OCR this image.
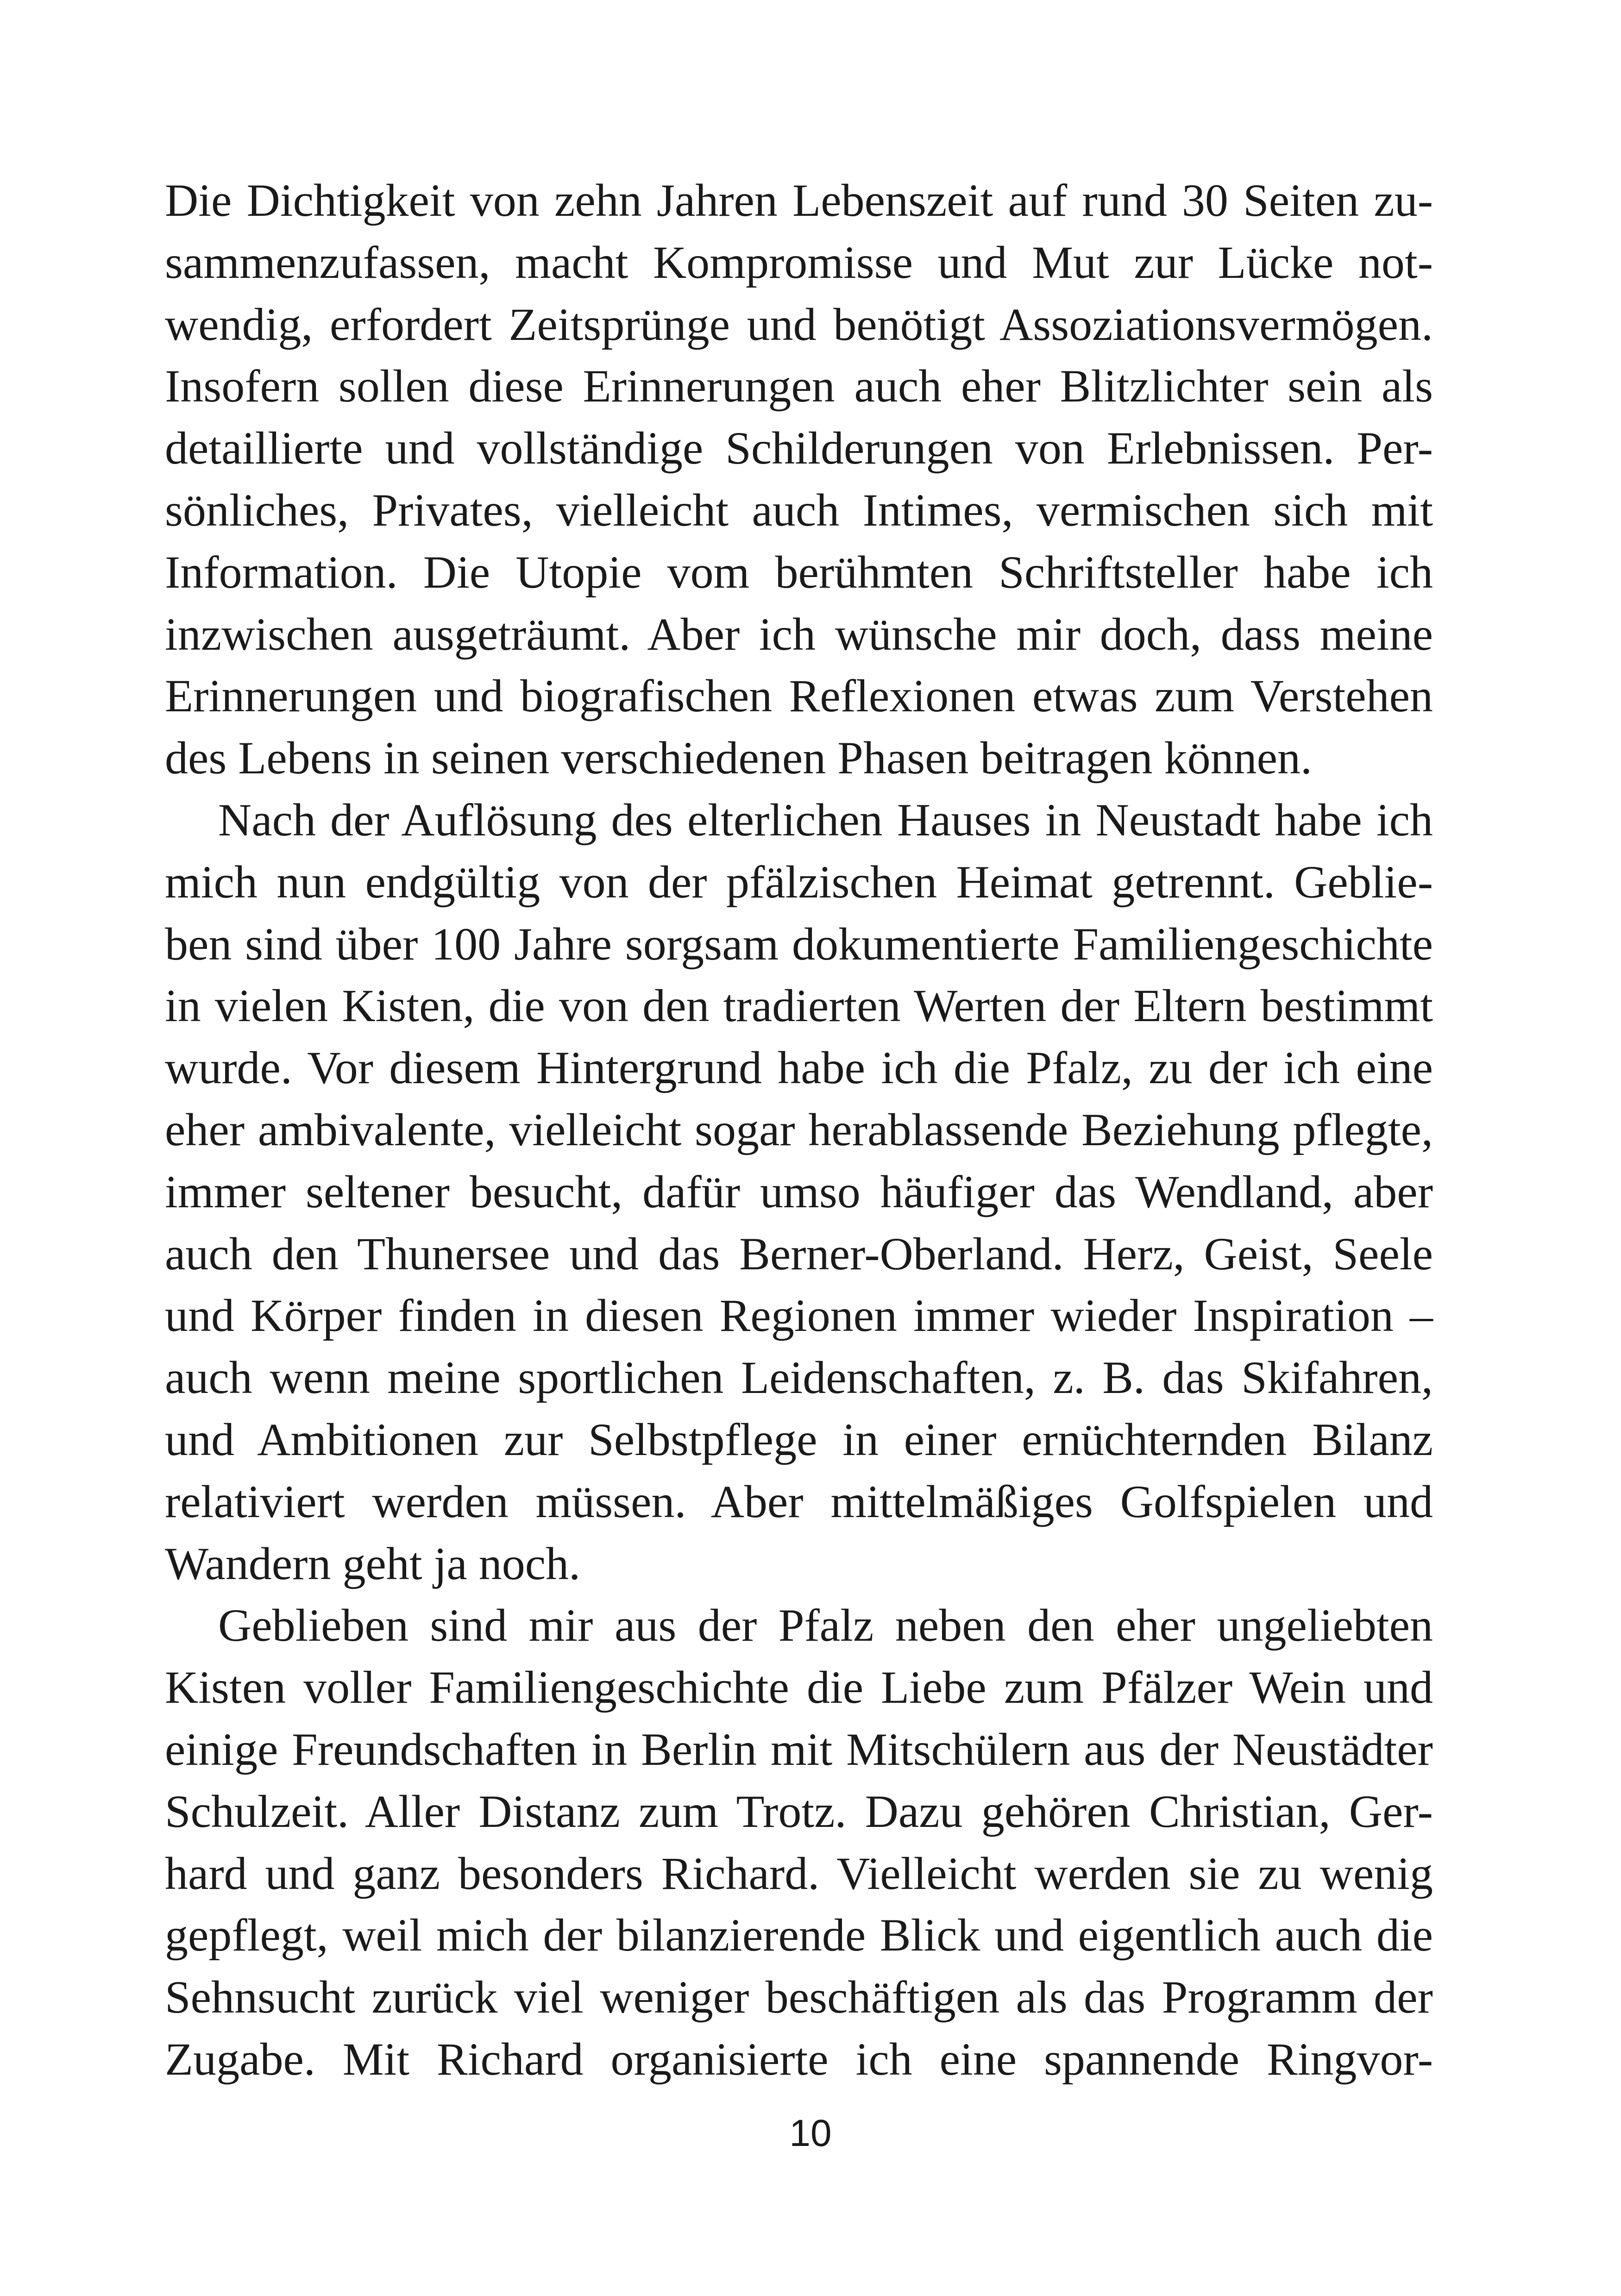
Die Dichtigkeit von zehn Jahren Lebenszeit auf rund 30 Seiten zu-
sammenzufassen, macht Kompromisse und Mut zur Lücke not-
wendig, erfordert Zeitsprünge und benötigt Assoziationsvermögen.
Insofern sollen diese Erinnerungen auch eher Blitzlichter sein als
detaillierte und vollständige Schilderungen von Erlebnissen. Per-
sönliches, Privates, vielleicht auch Intimes, vermischen sich mit
Information. Die Utopie vom berühmten Schriftsteller habe ich
inzwischen ausgeträumt. Aber ich wünsche mir doch, dass meine
Erinnerungen und biografischen Reflexionen etwas zum Verstehen
des Lebens in seinen verschiedenen Phasen beitragen können.
Nach der Auflösung des elterlichen Hauses in Neustadt habe ich
mich nun endgültig von der pfälzischen Heimat getrennt. Geblie-
ben sind über 100 Jahre sorgsam dokumentierte Familiengeschichte
in vielen Kisten, die von den tradierten Werten der Eltern bestimmt
wurde. Vor diesem Hintergrund habe ich die Pfalz, zu der ich eine
eher ambivalente, vielleicht sogar herablassende Beziehung pflegte,
immer seltener besucht, dafür umso häufiger das Wendland, aber
auch den Thunersee und das Berner-Oberland. Herz, Geist, Seele
und Körper finden in diesen Regionen immer wieder Inspiration –
auch wenn meine sportlichen Leidenschaften, z. B. das Skifahren,
und Ambitionen zur Selbstpflege in einer ernüchternden Bilanz
relativiert werden müssen. Aber mittelmäßiges Golfspielen und
Wandern geht ja noch.
Geblieben sind mir aus der Pfalz neben den eher ungeliebten
Kisten voller Familiengeschichte die Liebe zum Pfälzer Wein und
einige Freundschaften in Berlin mit Mitschülern aus der Neustädter
Schulzeit. Aller Distanz zum Trotz. Dazu gehören Christian, Ger-
hard und ganz besonders Richard. Vielleicht werden sie zu wenig
gepflegt, weil mich der bilanzierende Blick und eigentlich auch die
Sehnsucht zurück viel weniger beschäftigen als das Programm der
Zugabe. Mit Richard organisierte ich eine spannende Ringvor-
10
